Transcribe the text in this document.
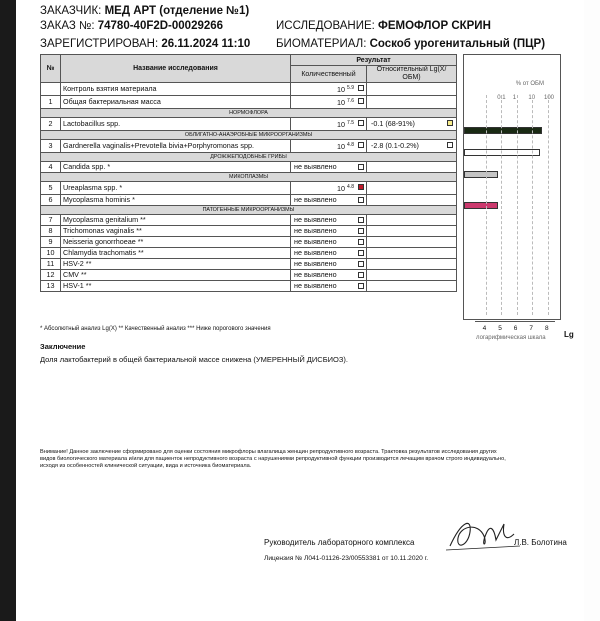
ЗАКАЗЧИК: МЕД АРТ (отделение №1)
ЗАКАЗ №: 74780-40F2D-00029266	ИССЛЕДОВАНИЕ: ФЕМОФЛОР СКРИН
ЗАРЕГИСТРИРОВАН: 26.11.2024 11:10 БИОМАТЕРИАЛ: Соскоб урогенитальный (ПЦР)
№	Название исследования	Результат	
		Количественный	Относительный Lg(X/ОБМ)
	Контроль взятия материала	10 $^{5.9}$

1	Общая бактериальная масса	10 $^{7.6}$

НОРМОФЛОРА			
2	Lactobacillus spp.	10 $^{7.5}$	-0.1 (68-91%)

ОБЛИГАТНО-АНАЭРОБНЫЕ МИКРООРГАНИЗМЫ			
3	Gardnerella vaginalis+Prevotella bivia+Porphyromonas spp.	10 $^{4.8}$	-2.8 (0.1-0.2%)

ДРОЖЖЕПОДОБНЫЕ ГРИБЫ			
4	Candida spp. *	не выявлено

МИКОПЛАЗМЫ			
5	Ureaplasma spp. *	10 $^{4.8}$

6	Mycoplasma hominis *	не выявлено

ПАТОГЕННЫЕ МИКРООРГАНИЗМЫ			
7	Mycoplasma genitalium **	не выявлено

8	Trichomonas vaginalis **	не выявлено

9	Neisseria gonorrhoeae **	не выявлено

10	Chlamydia trachomatis **	не выявлено

11	HSV-2 **	не выявлено

12	CMV **	не выявлено

13	HSV-1 **	не выявлено

% от ОБМ
0.1 1 10 100
4 5 6 7 8
логарифмическая шкала Lg
* Абсолютный анализ Lg(X) ** Качественный анализ *** Ниже порогового значения
Заключение
Доля лактобактерий в общей бактериальной массе снижена (УМЕРЕННЫЙ ДИСБИОЗ).
Внимание! Данное заключение сформировано для оценки состояния микрофлоры влагалища женщин репродуктивного возраста. Трактовка результатов исследования других видов биологического материала и/или для пациенток непродуктивного возраста с нарушениями репродуктивной функции производится лечащим врачом строго индивидуально, исходя из особенностей клинической ситуации, вида и источника биоматериала.
Руководитель лабораторного комплекса	Л.В. Болотина
Лицензия № Л041-01126-23/00553381 от 10.11.2020 г.
